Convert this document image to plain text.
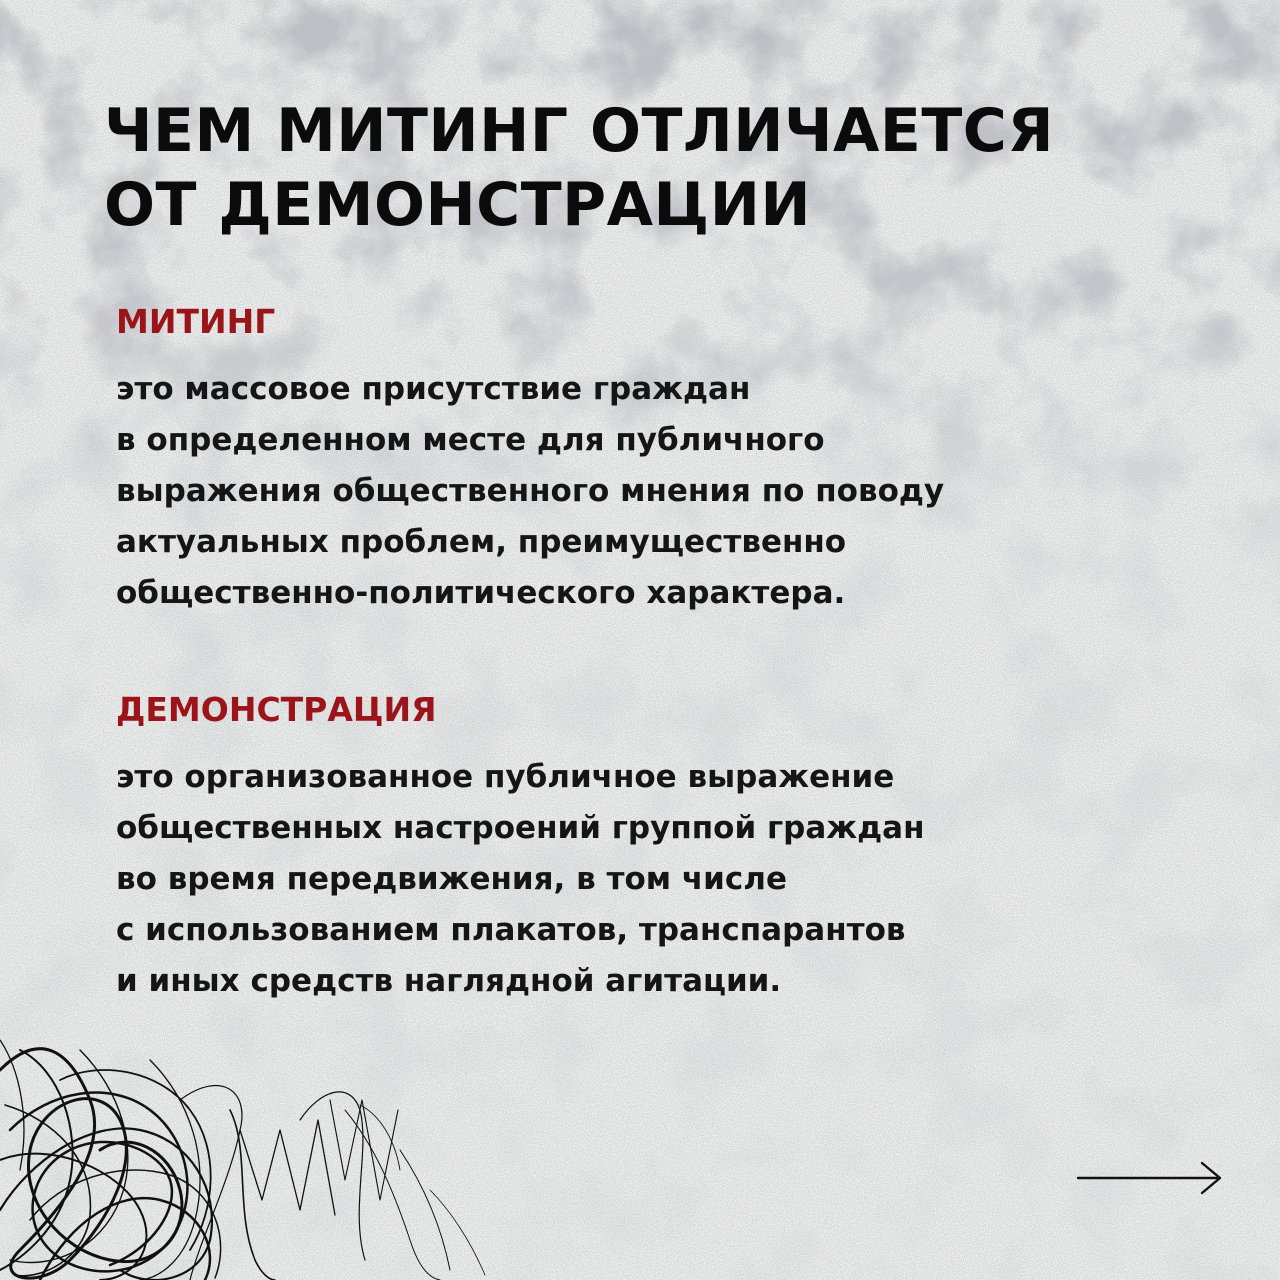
ЧЕМ МИТИНГ ОТЛИЧАЕТСЯ
ОТ ДЕМОНСТРАЦИИ
МИТИНГ
это массовое присутствие граждан
в определенном месте для публичного
выражения общественного мнения по поводу
актуальных проблем, преимущественно
общественно-политического характера.
ДЕМОНСТРАЦИЯ
это организованное публичное выражение
общественных настроений группой граждан
во время передвижения, в том числе
с использованием плакатов, транспарантов
и иных средств наглядной агитации.
